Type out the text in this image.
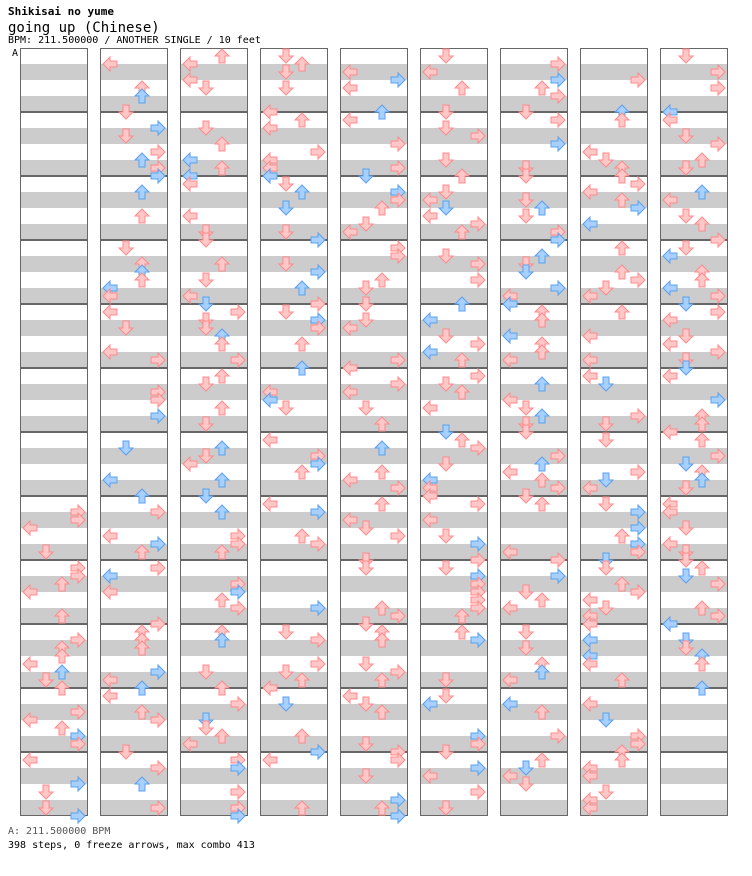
Shikisai no yume
going up (Chinese)
BPM: 211.500000 / ANOTHER SINGLE / 10 feet
A
A: 211.500000 BPM
398 steps, 0 freeze arrows, max combo 413
